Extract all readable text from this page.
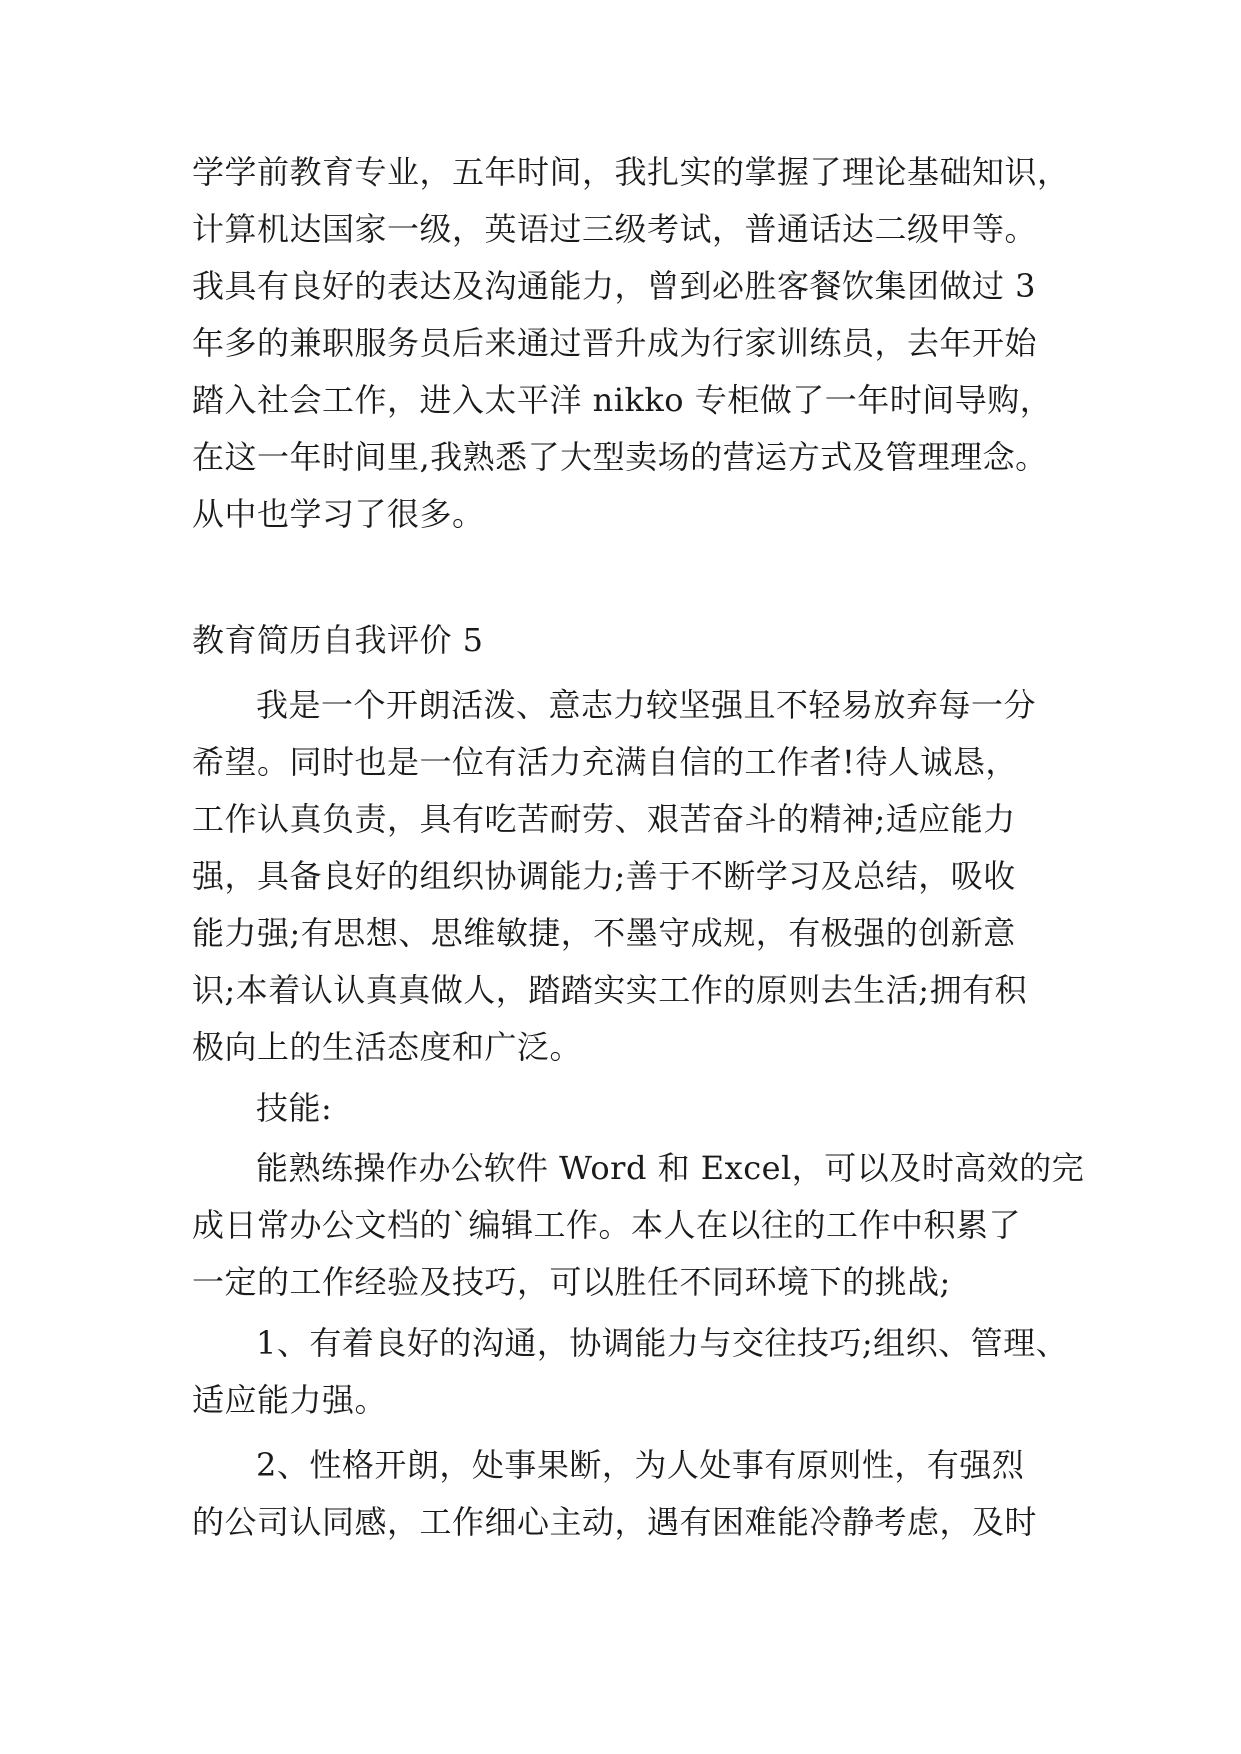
学学前教育专业，五年时间，我扎实的掌握了理论基础知识，
计算机达国家一级，英语过三级考试，普通话达二级甲等。
我具有良好的表达及沟通能力，曾到必胜客餐饮集团做过 3
年多的兼职服务员后来通过晋升成为行家训练员，去年开始
踏入社会工作，进入太平洋 nikko 专柜做了一年时间导购，
在这一年时间里,我熟悉了大型卖场的营运方式及管理理念。
从中也学习了很多。
教育简历自我评价 5
我是一个开朗活泼、意志力较坚强且不轻易放弃每一分
希望。同时也是一位有活力充满自信的工作者!待人诚恳，
工作认真负责，具有吃苦耐劳、艰苦奋斗的精神;适应能力
强，具备良好的组织协调能力;善于不断学习及总结，吸收
能力强;有思想、思维敏捷，不墨守成规，有极强的创新意
识;本着认认真真做人，踏踏实实工作的原则去生活;拥有积
极向上的生活态度和广泛。
技能:
能熟练操作办公软件 Word 和 Excel，可以及时高效的完
成日常办公文档的`编辑工作。本人在以往的工作中积累了
一定的工作经验及技巧，可以胜任不同环境下的挑战;
1、有着良好的沟通，协调能力与交往技巧;组织、管理、
适应能力强。
2、性格开朗，处事果断，为人处事有原则性，有强烈
的公司认同感，工作细心主动，遇有困难能冷静考虑，及时
